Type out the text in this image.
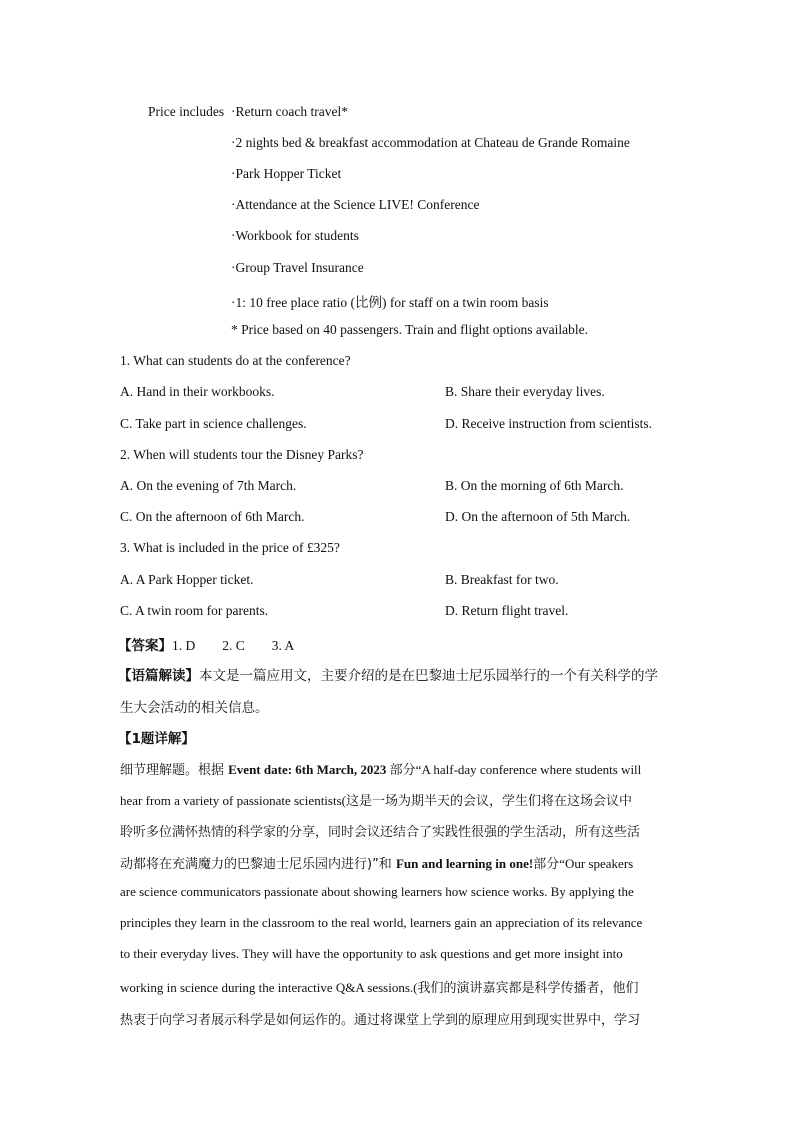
Price includes ·Return coach travel*
·2 nights bed & breakfast accommodation at Chateau de Grande Romaine
·Park Hopper Ticket
·Attendance at the Science LIVE! Conference
·Workbook for students
·Group Travel Insurance
·1: 10 free place ratio (比例) for staff on a twin room basis
* Price based on 40 passengers. Train and flight options available.
1. What can students do at the conference?
A. Hand in their workbooks.	B. Share their everyday lives.
C. Take part in science challenges.	D. Receive instruction from scientists.
2. When will students tour the Disney Parks?
A. On the evening of 7th March.	B. On the morning of 6th March.
C. On the afternoon of 6th March.	D. On the afternoon of 5th March.
3. What is included in the price of £325?
A. A Park Hopper ticket.	B. Breakfast for two.
C. A twin room for parents.	D. Return flight travel.
【答案】1. D        2. C        3. A
【语篇解读】本文是一篇应用文，主要介绍的是在巴黎迪士尼乐园举行的一个有关科学的学
生大会活动的相关信息。
【1题详解】
细节理解题。根据 Event date: 6th March, 2023 部分“A half-day conference where students will
hear from a variety of passionate scientists(这是一场为期半天的会议，学生们将在这场会议中
聆听多位满怀热情的科学家的分享，同时会议还结合了实践性很强的学生活动，所有这些活
动都将在充满魔力的巴黎迪士尼乐园内进行)”和 Fun and learning in one!部分“Our speakers
are science communicators passionate about showing learners how science works. By applying the
principles they learn in the classroom to the real world, learners gain an appreciation of its relevance
to their everyday lives. They will have the opportunity to ask questions and get more insight into
working in science during the interactive Q&A sessions.(我们的演讲嘉宾都是科学传播者，他们
热衷于向学习者展示科学是如何运作的。通过将课堂上学到的原理应用到现实世界中，学习
